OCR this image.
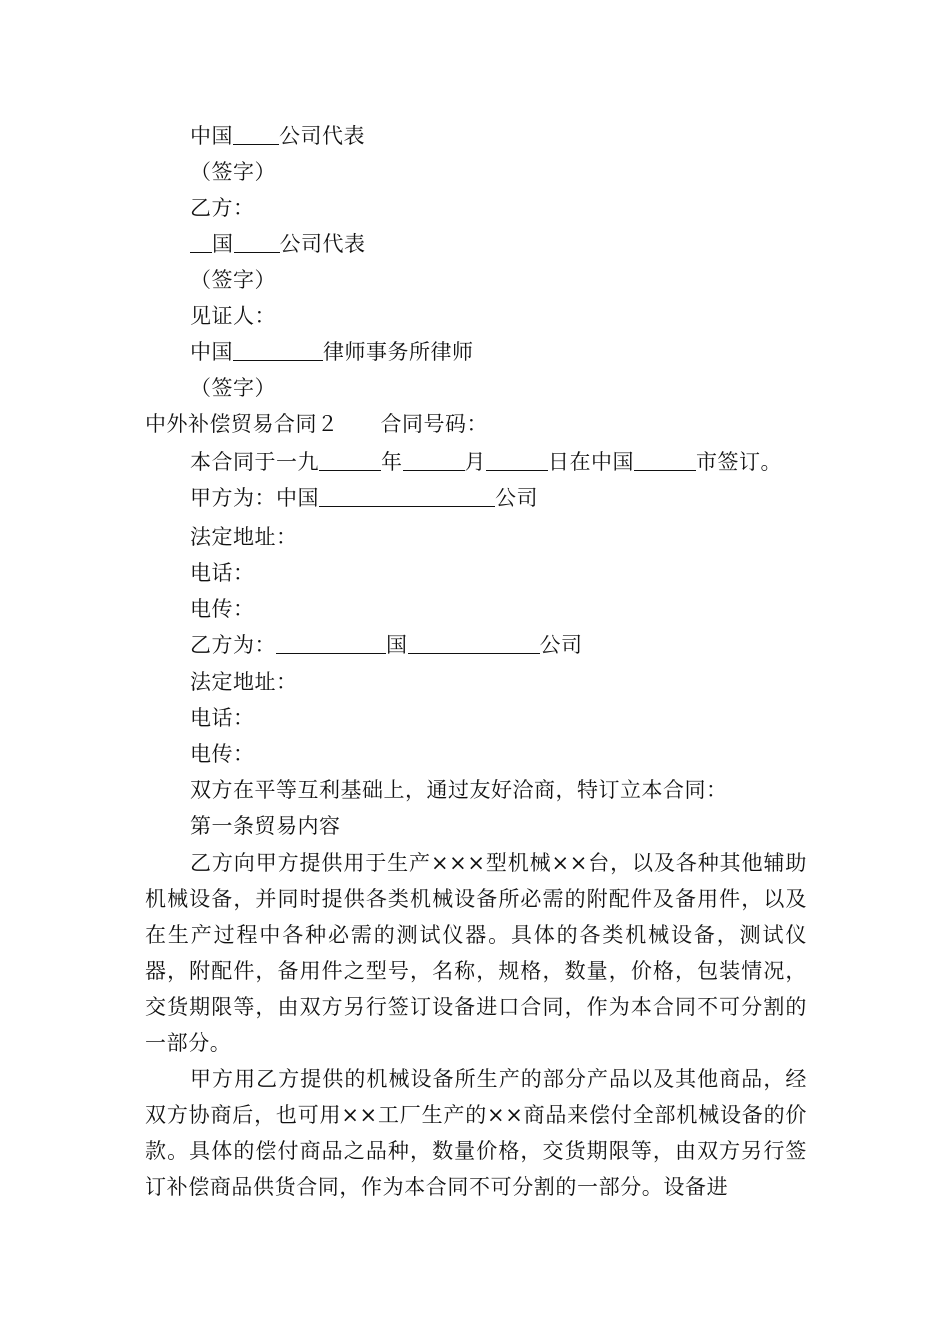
中国 公司代表
（签字）
乙方：
国 公司代表
（签字）
见证人：
中国	律师事务所律师
（签字）
中外补偿贸易合同２ 合同号码：
本合同于一九	年	月	日在中国	市签订。
甲方为：中国	公司
法定地址：
电话：
电传：
乙方为：	国	公司
法定地址：
电话：
电传：
双方在平等互利基础上，通过友好洽商，特订立本合同：
第一条贸易内容

乙方向甲方提供用于生产×××型机械××台，以及各种其他辅助机械设备，并同时提供各类机械设备所必需的附配件及备用件，以及在生产过程中各种必需的测试仪器。具体的各类机械设备，测试仪器，附配件，备用件之型号，名称，规格，数量，价格，包装情况，交货期限等，由双方另行签订设备进口合同，作为本合同不可分割的一部分。

甲方用乙方提供的机械设备所生产的部分产品以及其他商品，经双方协商后，也可用××工厂生产的××商品来偿付全部机械设备的价款。具体的偿付商品之品种，数量价格，交货期限等，由双方另行签订补偿商品供货合同，作为本合同不可分割的一部分。设备进
